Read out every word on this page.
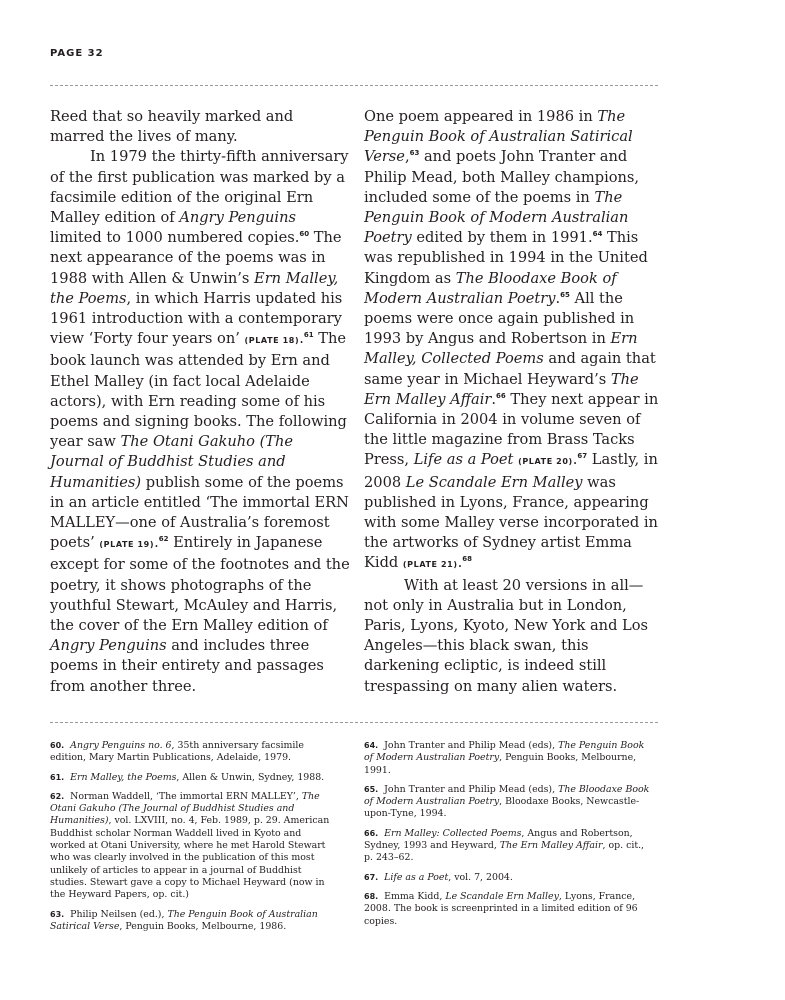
PAGE 32

Reed that so heavily marked and marred the lives of many.

In 1979 the thirty-fifth anniversary of the first publication was marked by a facsimile edition of the original Ern Malley edition of Angry Penguins limited to 1000 numbered copies.$^{60}$ The next appearance of the poems was in 1988 with Allen & Unwin’s Ern Malley, the Poems, in which Harris updated his 1961 introduction with a contemporary view ‘Forty four years on’ (PLATE 18).$^{61}$ The book launch was attended by Ern and Ethel Malley (in fact local Adelaide actors), with Ern reading some of his poems and signing books. The following year saw The Otani Gakuho (The Journal of Buddhist Studies and Humanities) publish some of the poems in an article entitled ‘The immortal ERN MALLEY—one of Australia’s foremost poets’ (PLATE 19).$^{62}$ Entirely in Japanese except for some of the footnotes and the poetry, it shows photographs of the youthful Stewart, McAuley and Harris, the cover of the Ern Malley edition of Angry Penguins and includes three poems in their entirety and passages from another three.

One poem appeared in 1986 in The Penguin Book of Australian Satirical Verse,$^{63}$ and poets John Tranter and Philip Mead, both Malley champions, included some of the poems in The Penguin Book of Modern Australian Poetry edited by them in 1991.64 This was republished in 1994 in the United Kingdom as The Bloodaxe Book of Modern Australian Poetry.$^{65}$ All the poems were once again published in 1993 by Angus and Robertson in Ern Malley, Collected Poems and again that same year in Michael Heyward’s The Ern Malley Affair.$^{66}$ They next appear in California in 2004 in volume seven of the little magazine from Brass Tacks Press, Life as a Poet (PLATE 20).$^{67}$ Lastly, in 2008 Le Scandale Ern Malley was published in Lyons, France, appearing with some Malley verse incorporated in the artworks of Sydney artist Emma Kidd (PLATE 21).$^{68}$

With at least 20 versions in all—not only in Australia but in London, Paris, Lyons, Kyoto, New York and Los Angeles—this black swan, this darkening ecliptic, is indeed still trespassing on many alien waters.

60. Angry Penguins no. 6, 35th anniversary facsimile edition, Mary Martin Publications, Adelaide, 1979.

61. Ern Malley, the Poems, Allen & Unwin, Sydney, 1988.

62. Norman Waddell, ‘The immortal ERN MALLEY’, The Otani Gakuho (The Journal of Buddhist Studies and Humanities), vol. LXVIII, no. 4, Feb. 1989, p. 29. American Buddhist scholar Norman Waddell lived in Kyoto and worked at Otani University, where he met Harold Stewart who was clearly involved in the publication of this most unlikely of articles to appear in a journal of Buddhist studies. Stewart gave a copy to Michael Heyward (now in the Heyward Papers, op. cit.)

63. Philip Neilsen (ed.), The Penguin Book of Australian Satirical Verse, Penguin Books, Melbourne, 1986.

64. John Tranter and Philip Mead (eds), The Penguin Book of Modern Australian Poetry, Penguin Books, Melbourne, 1991.

65. John Tranter and Philip Mead (eds), The Bloodaxe Book of Modern Australian Poetry, Bloodaxe Books, Newcastle-upon-Tyne, 1994.

66. Ern Malley: Collected Poems, Angus and Robertson, Sydney, 1993 and Heyward, The Ern Malley Affair, op. cit., p. 243–62.

67. Life as a Poet, vol. 7, 2004.

68. Emma Kidd, Le Scandale Ern Malley, Lyons, France, 2008. The book is screenprinted in a limited edition of 96 copies.
